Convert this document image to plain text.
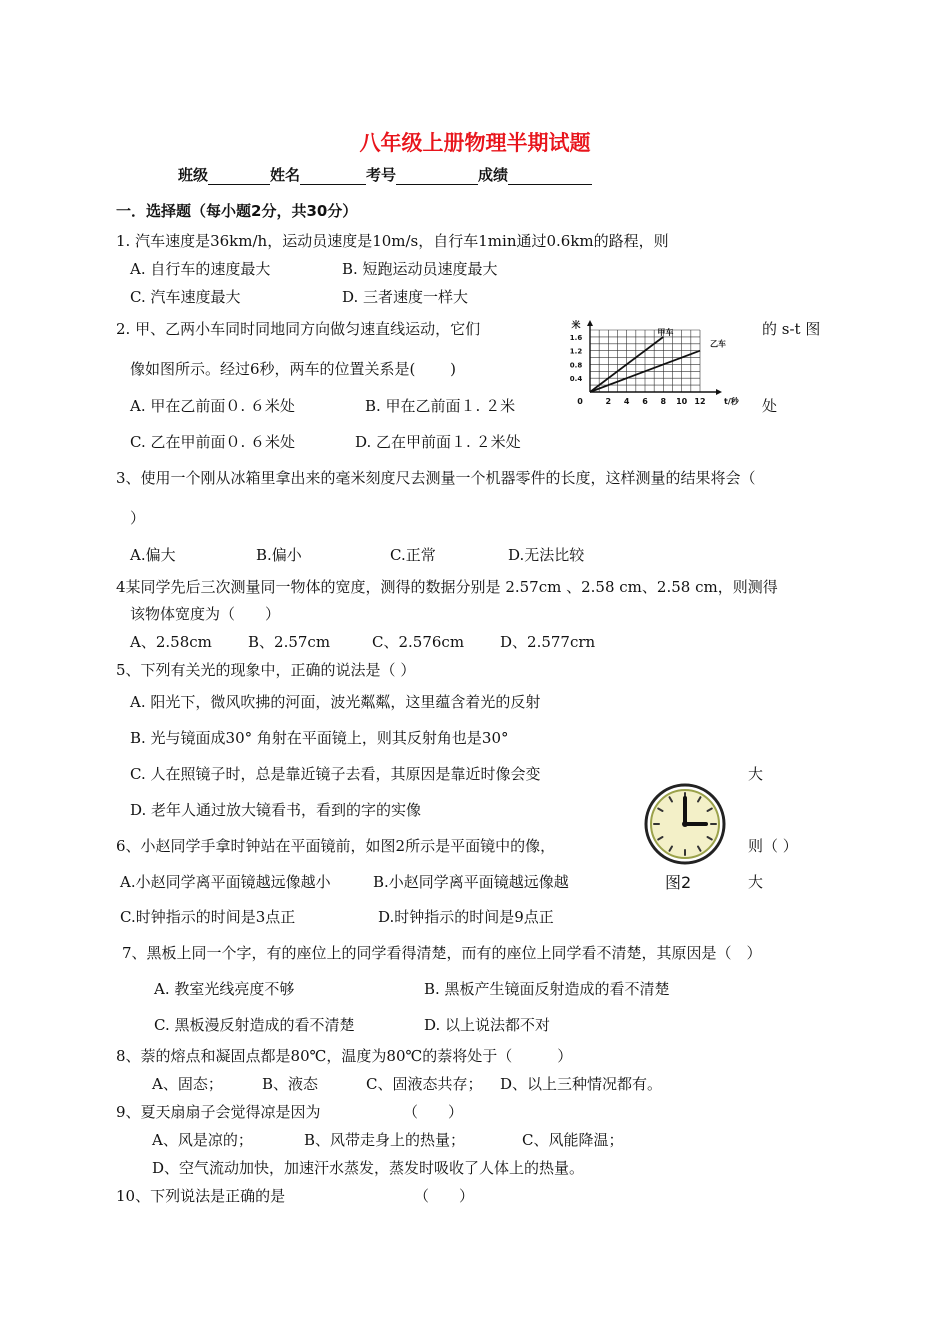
八年级上册物理半期试题
班级	姓名	考号	成绩
一．选择题（每小题2分，共30分）
1. 汽车速度是36km/h，运动员速度是10m/s，自行车1min通过0.6km的路程，则
A. 自行车的速度最大	B. 短跑运动员速度最大
C. 汽车速度最大	D. 三者速度一样大
2. 甲、乙两小车同时同地同方向做匀速直线运动，它们	的 s-t 图
像如图所示。经过6秒，两车的位置关系是(　　 )
A. 甲在乙前面０. ６米处	B. 甲在乙前面１. ２米	处
C. 乙在甲前面０. ６米处	D. 乙在甲前面１. ２米处
1.6
1.2
0.8
0.4
0	2 4 6 8 10 12
米
t/秒
甲车
乙车
3、使用一个刚从冰箱里拿出来的毫米刻度尺去测量一个机器零件的长度，这样测量的结果将会（
）
A.偏大	B.偏小	C.正常	D.无法比较
4某同学先后三次测量同一物体的宽度，测得的数据分别是 2.57cm 、2.58 cm、2.58 cm，则测得
该物体宽度为（　　）
A、2.58cm B、2.57cm	C、2.576cm D、2.577crn
5、下列有关光的现象中，正确的说法是（ ）
A. 阳光下，微风吹拂的河面，波光粼粼，这里蕴含着光的反射
B. 光与镜面成30° 角射在平面镜上，则其反射角也是30°
C. 人在照镜子时，总是靠近镜子去看，其原因是靠近时像会变	大
D. 老年人通过放大镜看书，看到的字的实像
6、小赵同学手拿时钟站在平面镜前，如图2所示是平面镜中的像，	则（ ）
A.小赵同学离平面镜越远像越小	B.小赵同学离平面镜越远像越	大
C.时钟指示的时间是3点正	D.时钟指示的时间是9点正
图2
7、黑板上同一个字，有的座位上的同学看得清楚，而有的座位上同学看不清楚，其原因是（　）
A. 教室光线亮度不够	B. 黑板产生镜面反射造成的看不清楚
C. 黑板漫反射造成的看不清楚	D. 以上说法都不对
8、萘的熔点和凝固点都是80℃，温度为80℃的萘将处于（　　　）
A、固态；	B、液态	C、固液态共存； D、以上三种情况都有。
9、夏天扇扇子会觉得凉是因为　　　　　　（　　）
A、风是凉的；	B、风带走身上的热量；	C、风能降温；
D、空气流动加快，加速汗水蒸发，蒸发时吸收了人体上的热量。
10、下列说法是正确的是	（　　）
